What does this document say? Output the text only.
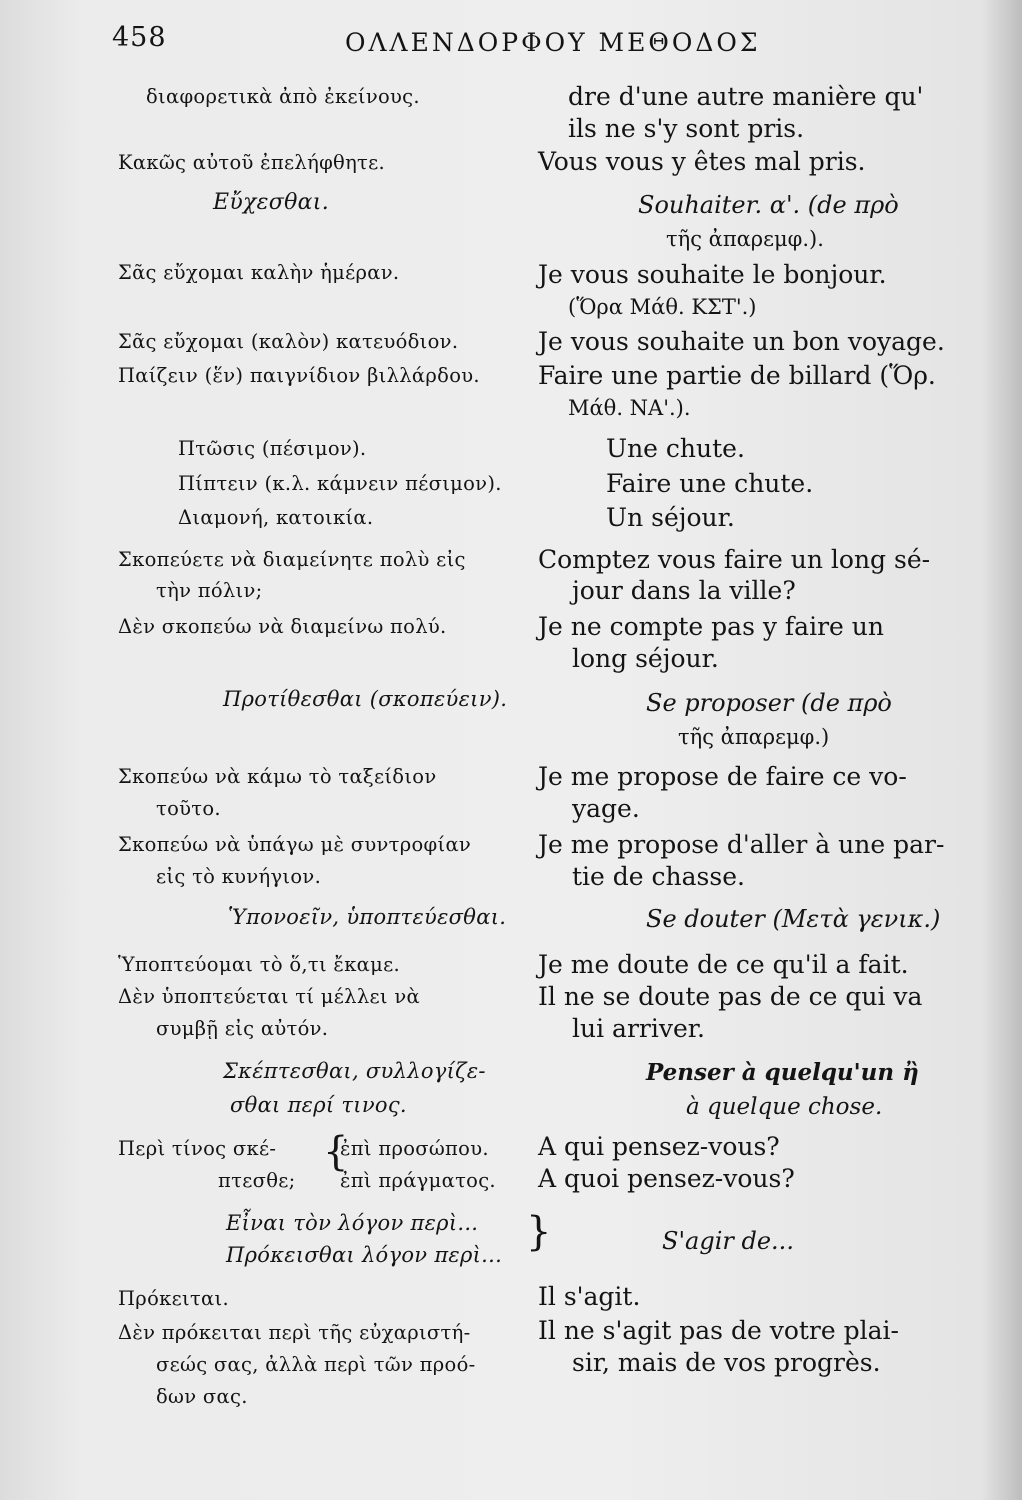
458	ΟΛΛΕΝΔΟΡΦΟΥ ΜΕΘΟΔΟΣ
διαφορετικὰ ἀπὸ ἐκείνους.
Κακῶς αὐτοῦ ἐπελήφθητε.
Εὔχεσθαι.
Σᾶς εὔχομαι καλὴν ἡμέραν.
Σᾶς εὔχομαι (καλὸν) κατευόδιον.
Παίζειν (ἕν) παιγνίδιον βιλλάρδου.
Πτῶσις (πέσιμον).
Πίπτειν (κ.λ. κάμνειν πέσιμον).
Διαμονή, κατοικία.
Σκοπεύετε νὰ διαμείνητε πολὺ εἰς
τὴν πόλιν;
Δὲν σκοπεύω νὰ διαμείνω πολύ.
Προτίθεσθαι (σκοπεύειν).
Σκοπεύω νὰ κάμω τὸ ταξείδιον
τοῦτο.
Σκοπεύω νὰ ὑπάγω μὲ συντροφίαν
εἰς τὸ κυνήγιον.
Ὑπονοεῖν, ὑποπτεύεσθαι.
Ὑποπτεύομαι τὸ ὅ,τι ἔκαμε.
Δὲν ὑποπτεύεται τί μέλλει νὰ
συμβῇ εἰς αὐτόν.
Σκέπτεσθαι, συλλογίζε-
σθαι περί τινος.
Περὶ τίνος σκέ-
πτεσθε;
{
ἐπὶ προσώπου.
ἐπὶ πράγματος.
Εἶναι τὸν λόγον περὶ...
Πρόκεισθαι λόγον περὶ... }
Πρόκειται.
Δὲν πρόκειται περὶ τῆς εὐχαριστή-
σεώς σας, ἀλλὰ περὶ τῶν προό-
δων σας.
dre d'une autre manière qu'
ils ne s'y sont pris.
Vous vous y êtes mal pris.
Souhaiter. α'. (de πρὸ
τῆς ἀπαρεμφ.).
Je vous souhaite le bonjour.
(Ὅρα Μάθ. ΚΣΤ'.)
Je vous souhaite un bon voyage.
Faire une partie de billard (Ὅρ.
Μάθ. ΝΑ'.).
Une chute.
Faire une chute.
Un séjour.
Comptez vous faire un long sé-
jour dans la ville?
Je ne compte pas y faire un
long séjour.
Se proposer (de πρὸ
τῆς ἀπαρεμφ.)
Je me propose de faire ce vo-
yage.
Je me propose d'aller à une par-
tie de chasse.
Se douter (Μετὰ γενικ.)
Je me doute de ce qu'il a fait.
Il ne se doute pas de ce qui va
lui arriver.
Penser à quelqu'un ἢ
à quelque chose.
A qui pensez-vous?
A quoi pensez-vous?
S'agir de...
Il s'agit.
Il ne s'agit pas de votre plai-
sir, mais de vos progrès.
